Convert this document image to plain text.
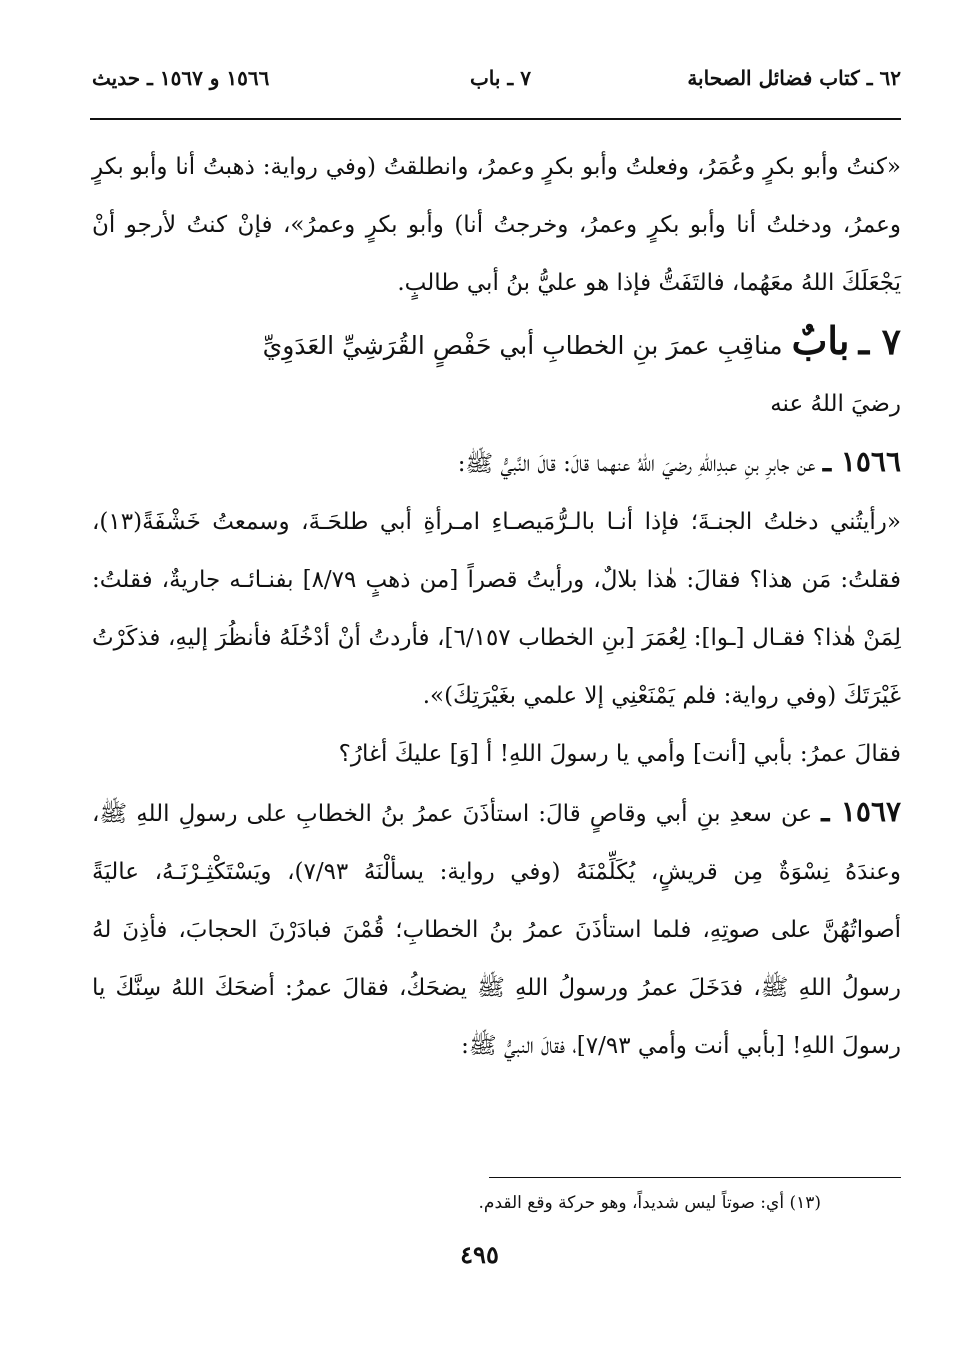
٦٢ ـ كتاب فضائل الصحابة
٧ ـ باب
١٥٦٦ و ١٥٦٧ ـ حديث

«كنتُ وأبو بكرٍ وعُمَرُ، وفعلتُ وأبو بكرٍ وعمرُ، وانطلقتُ (وفي رواية: ذهبتُ أنا وأبو بكرٍ وعمرُ، ودخلتُ أنا وأبو بكرٍ وعمرُ، وخرجتُ أنا) وأبو بكرٍ وعمرُ»، فإنْ كنتُ لأرجو أنْ يَجْعَلَكَ اللهُ معَهُما، فالتَفَتُّ فإذا هو عليُّ بنُ أبي طالبٍ.

٧ ـ بابٌ مناقِبِ عمرَ بنِ الخطابِ أبي حَفْصٍ القُرَشِيِّ العَدَوِيِّ

رضيَ اللهُ عنه

١٥٦٦ ـ عن جابرِ بنِ عبدِاللهِ رضيَ اللهُ عنهما قالَ: قالَ النَّبيُّ ﷺ:

«رأيتُني دخلتُ الجنـةَ؛ فإذا أنـا بالـرُّمَيصـاءِ امـرأةِ أبي طلحَـةَ، وسمعتُ خَشْفَةً(١٣)، فقلتُ: مَن هذا؟ فقالَ: هٰذا بلالٌ، ورأيتُ قصراً [من ذهبٍ ٨/٧٩] بفنـائـه جاريةٌ، فقلتُ: لِمَنْ هٰذا؟ فقـال [ـوا]: لِعُمَرَ [بنِ الخطاب ٦/١٥٧]، فأردتُ أنْ أدْخُلَهُ فأنظُرَ إليهِ، فذكَرْتُ غَيْرَتَكَ (وفي رواية: فلم يَمْنَعْنِي إلا علمي بغَيْرَتِكَ)».

فقالَ عمرُ: بأبي [أنت] وأمي يا رسولَ اللهِ! أ [وَ] عليكَ أغارُ؟

١٥٦٧ ـ عن سعدِ بنِ أبي وقاصٍ قالَ: استأذَنَ عمرُ بنُ الخطابِ على رسولِ اللهِ ﷺ، وعندَهُ نِسْوَةٌ مِن قريشٍ، يُكَلِّمْنَهُ (وفي رواية: يسألْنَهُ ٧/٩٣)، ويَسْتَكْثِـرْنَـهُ، عاليَةً أصواتُهُنَّ على صوتِهِ، فلما استأذَنَ عمرُ بنُ الخطابِ؛ قُمْنَ فبادَرْنَ الحجابَ، فأذِنَ لهُ رسولُ اللهِ ﷺ، فدَخَلَ عمرُ ورسولُ اللهِ ﷺ يضحَكُ، فقالَ عمرُ: أضحَكَ اللهُ سِنَّكَ يا رسولَ اللهِ! [بأبي أنت وأمي ٧/٩٣]، فقالَ النبيُّ ﷺ:

(١٣) أي: صوتاً ليس شديداً، وهو حركة وقع القدم.
٤٩٥
